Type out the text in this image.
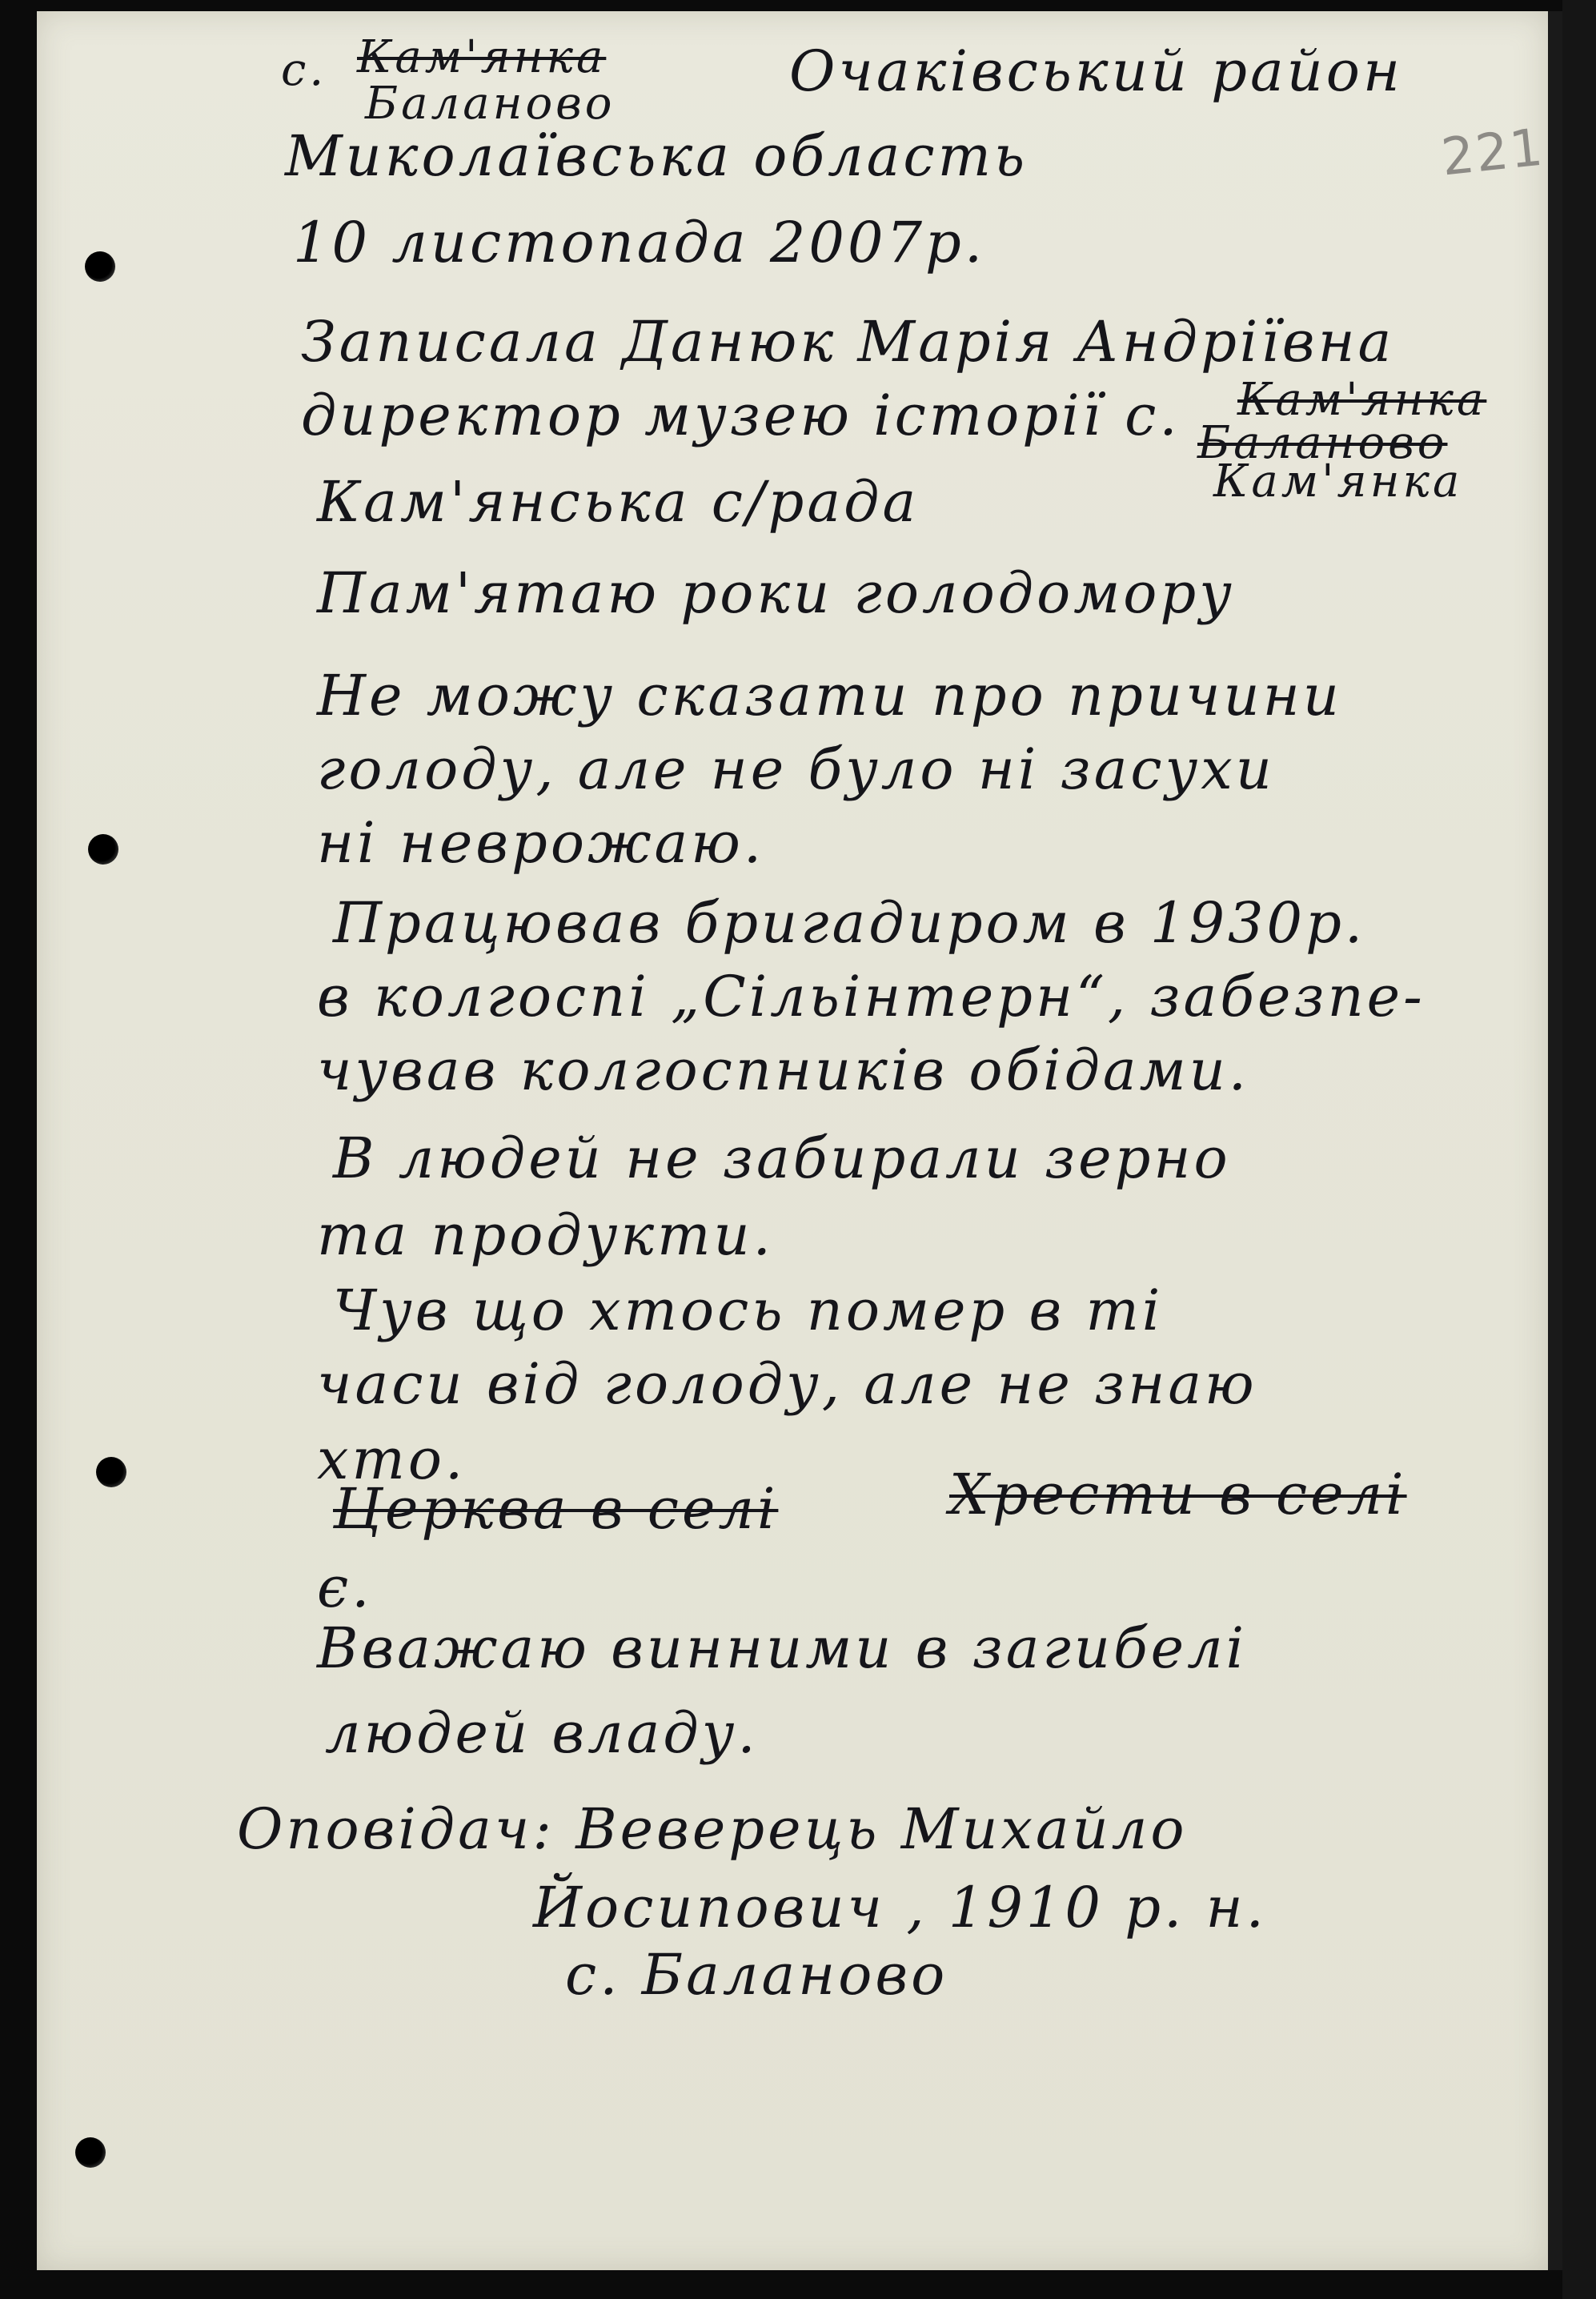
221
с. Кам'янка
Баланово	Очаківський район
Миколаївська область
10 листопада 2007р.
Записала Данюк Марія Андріївна
директор музею історії с. Кам'янка
Баланово
Кам'янка
Кам'янська с/рада
Пам'ятаю роки голодомору
Не можу сказати про причини
голоду, але не було ні засухи
ні неврожаю.
Працював бригадиром в 1930р.
в колгоспі „Сільінтерн“, забезпе-
чував колгоспників обідами.
В людей не забирали зерно
та продукти.
Чув що хтось помер в ті
часи від голоду, але не знаю
хто.
Церква в селі	Хрести в селі
є.
Вважаю винними в загибелі
людей владу.
Оповідач: Веверець Михайло
Йосипович , 1910 р. н.
с. Баланово
